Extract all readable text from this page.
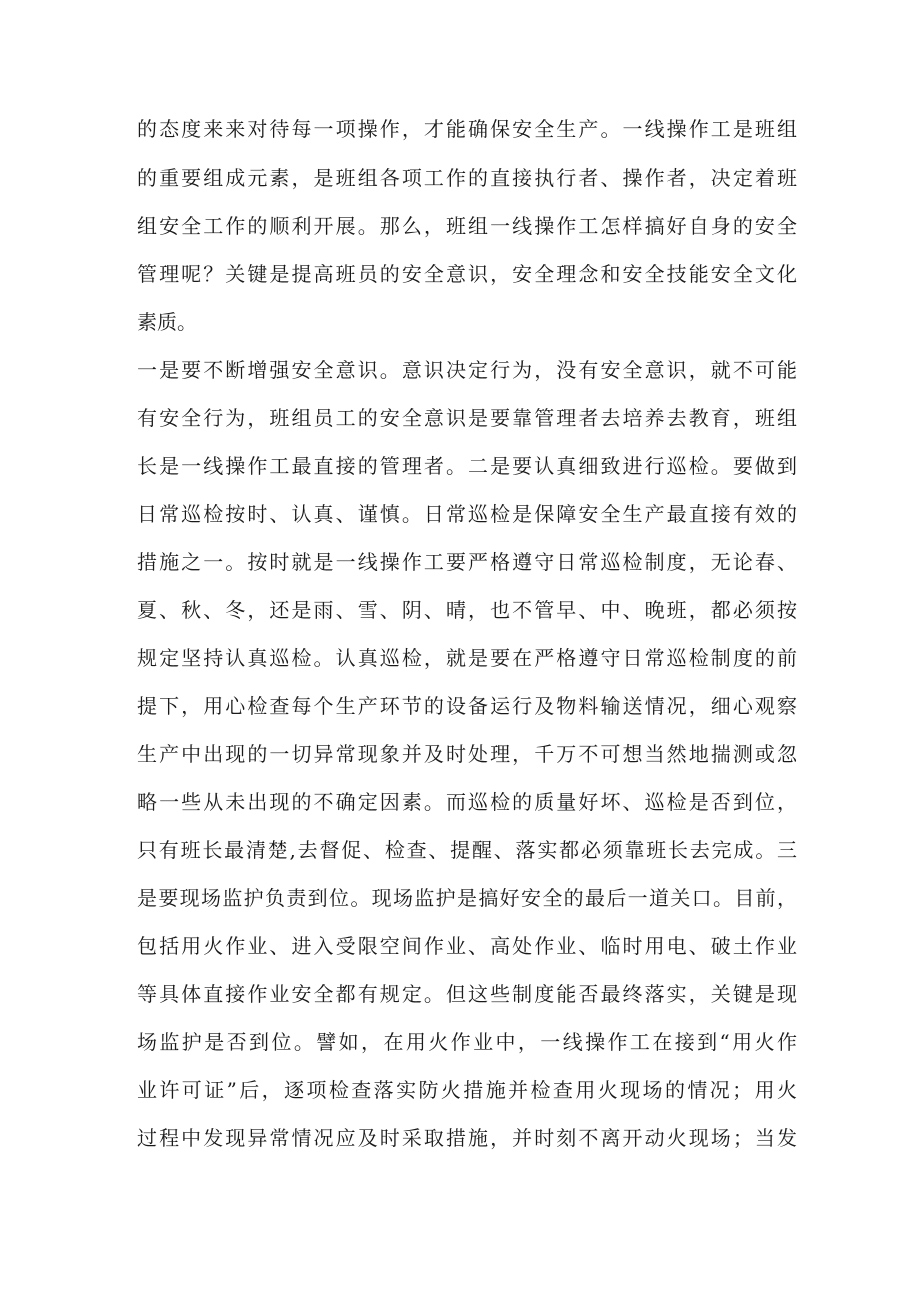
的态度来来对待每一项操作，才能确保安全生产。一线操作工是班组
的重要组成元素，是班组各项工作的直接执行者、操作者，决定着班
组安全工作的顺利开展。那么，班组一线操作工怎样搞好自身的安全
管理呢？关键是提高班员的安全意识，安全理念和安全技能安全文化
素质。
一是要不断增强安全意识。意识决定行为，没有安全意识，就不可能
有安全行为，班组员工的安全意识是要靠管理者去培养去教育，班组
长是一线操作工最直接的管理者。二是要认真细致进行巡检。要做到
日常巡检按时、认真、谨慎。日常巡检是保障安全生产最直接有效的
措施之一。按时就是一线操作工要严格遵守日常巡检制度，无论春、
夏、秋、冬，还是雨、雪、阴、晴，也不管早、中、晚班，都必须按
规定坚持认真巡检。认真巡检，就是要在严格遵守日常巡检制度的前
提下，用心检查每个生产环节的设备运行及物料输送情况，细心观察
生产中出现的一切异常现象并及时处理，千万不可想当然地揣测或忽
略一些从未出现的不确定因素。而巡检的质量好坏、巡检是否到位，
只有班长最清楚,去督促、检查、提醒、落实都必须靠班长去完成。三
是要现场监护负责到位。现场监护是搞好安全的最后一道关口。目前，
包括用火作业、进入受限空间作业、高处作业、临时用电、破土作业
等具体直接作业安全都有规定。但这些制度能否最终落实，关键是现
场监护是否到位。譬如，在用火作业中，一线操作工在接到“用火作
业许可证”后，逐项检查落实防火措施并检查用火现场的情况；用火
过程中发现异常情况应及时采取措施，并时刻不离开动火现场；当发
